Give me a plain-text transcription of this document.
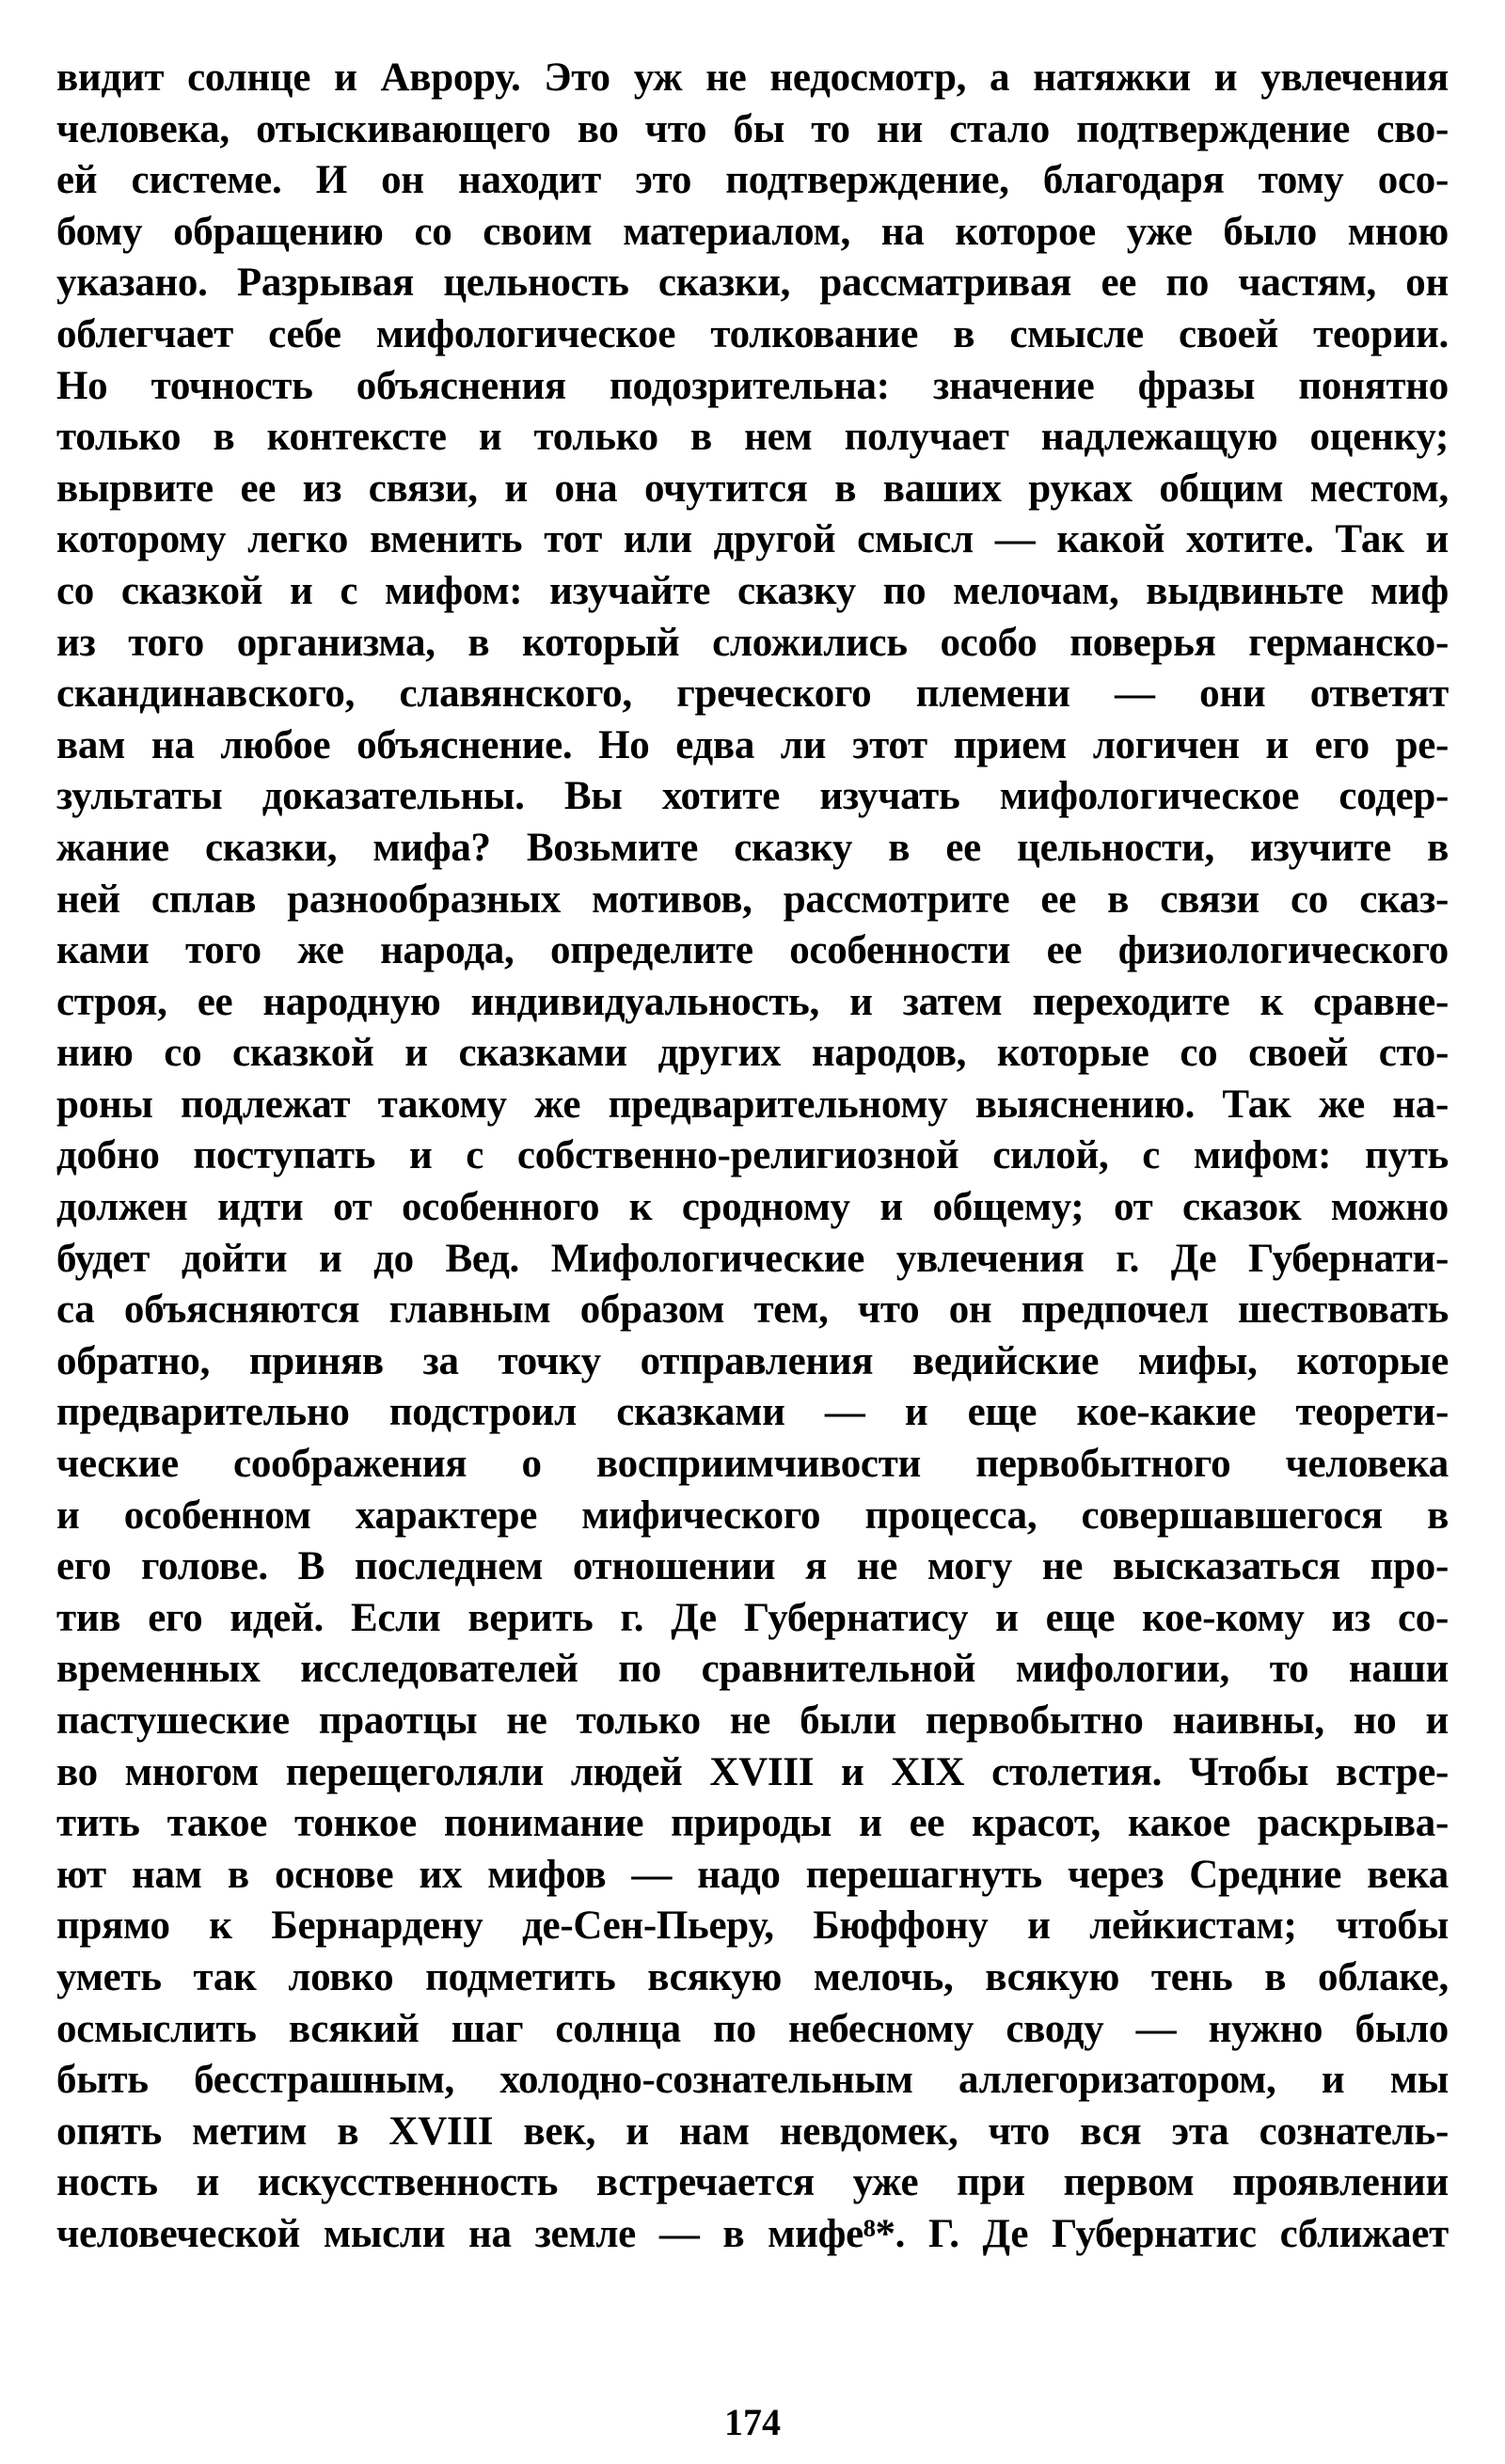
видит солнце и Аврору. Это уж не недосмотр, а натяжки и увлечения
человека, отыскивающего во что бы то ни стало подтверждение сво-
ей системе. И он находит это подтверждение, благодаря тому осо-
бому обращению со своим материалом, на которое уже было мною
указано. Разрывая цельность сказки, рассматривая ее по частям, он
облегчает себе мифологическое толкование в смысле своей теории.
Но точность объяснения подозрительна: значение фразы понятно
только в контексте и только в нем получает надлежащую оценку;
вырвите ее из связи, и она очутится в ваших руках общим местом,
которому легко вменить тот или другой смысл — какой хотите. Так и
со сказкой и с мифом: изучайте сказку по мелочам, выдвиньте миф
из того организма, в который сложились особо поверья германско-
скандинавского, славянского, греческого племени — они ответят
вам на любое объяснение. Но едва ли этот прием логичен и его ре-
зультаты доказательны. Вы хотите изучать мифологическое содер-
жание сказки, мифа? Возьмите сказку в ее цельности, изучите в
ней сплав разнообразных мотивов, рассмотрите ее в связи со сказ-
ками того же народа, определите особенности ее физиологического
строя, ее народную индивидуальность, и затем переходите к сравне-
нию со сказкой и сказками других народов, которые со своей сто-
роны подлежат такому же предварительному выяснению. Так же на-
добно поступать и с собственно-религиозной силой, с мифом: путь
должен идти от особенного к сродному и общему; от сказок можно
будет дойти и до Вед. Мифологические увлечения г. Де Губернати-
са объясняются главным образом тем, что он предпочел шествовать
обратно, приняв за точку отправления ведийские мифы, которые
предварительно подстроил сказками — и еще кое-какие теорети-
ческие соображения о восприимчивости первобытного человека
и особенном характере мифического процесса, совершавшегося в
его голове. В последнем отношении я не могу не высказаться про-
тив его идей. Если верить г. Де Губернатису и еще кое-кому из со-
временных исследователей по сравнительной мифологии, то наши
пастушеские праотцы не только не были первобытно наивны, но и
во многом перещеголяли людей XVIII и XIX столетия. Чтобы встре-
тить такое тонкое понимание природы и ее красот, какое раскрыва-
ют нам в основе их мифов — надо перешагнуть через Средние века
прямо к Бернардену де-Сен-Пьеру, Бюффону и лейкистам; чтобы
уметь так ловко подметить всякую мелочь, всякую тень в облаке,
осмыслить всякий шаг солнца по небесному своду — нужно было
быть бесстрашным, холодно-сознательным аллегоризатором, и мы
опять метим в XVIII век, и нам невдомек, что вся эта сознатель-
ность и искусственность встречается уже при первом проявлении
человеческой мысли на земле — в мифе⁸*. Г. Де Губернатис сближает
174
